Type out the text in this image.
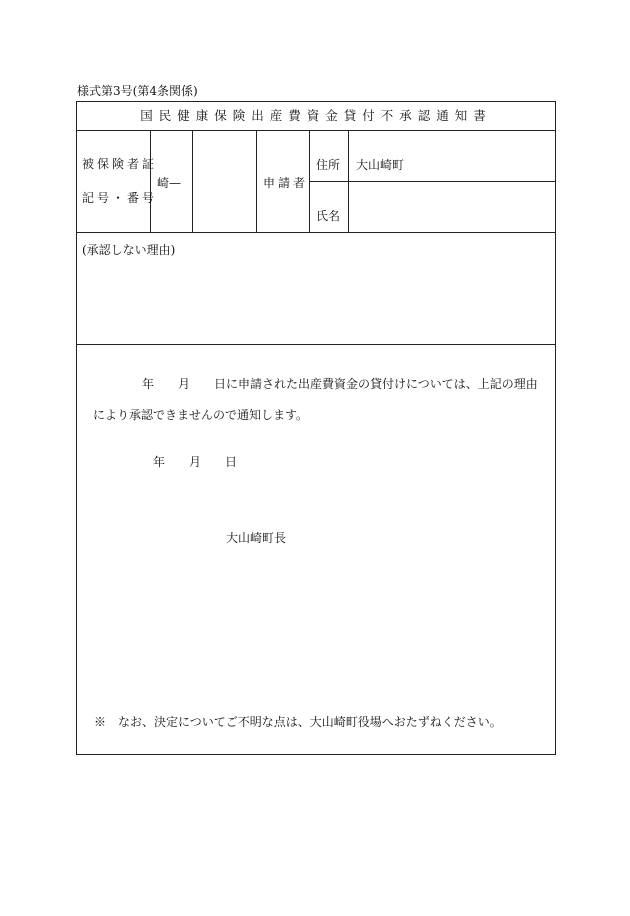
様式第3号(第4条関係)
国民健康保険出産費資金貸付不承認通知書
被保険者証
記号・番号
崎—	申請者
住所 大山崎町
氏名
(承認しない理由)
年　　月　　日に申請された出産費資金の貸付けについては、上記の理由
により承認できませんので通知します。
年　　月　　日
大山崎町長
※　なお、決定についてご不明な点は、大山崎町役場へおたずねください。
